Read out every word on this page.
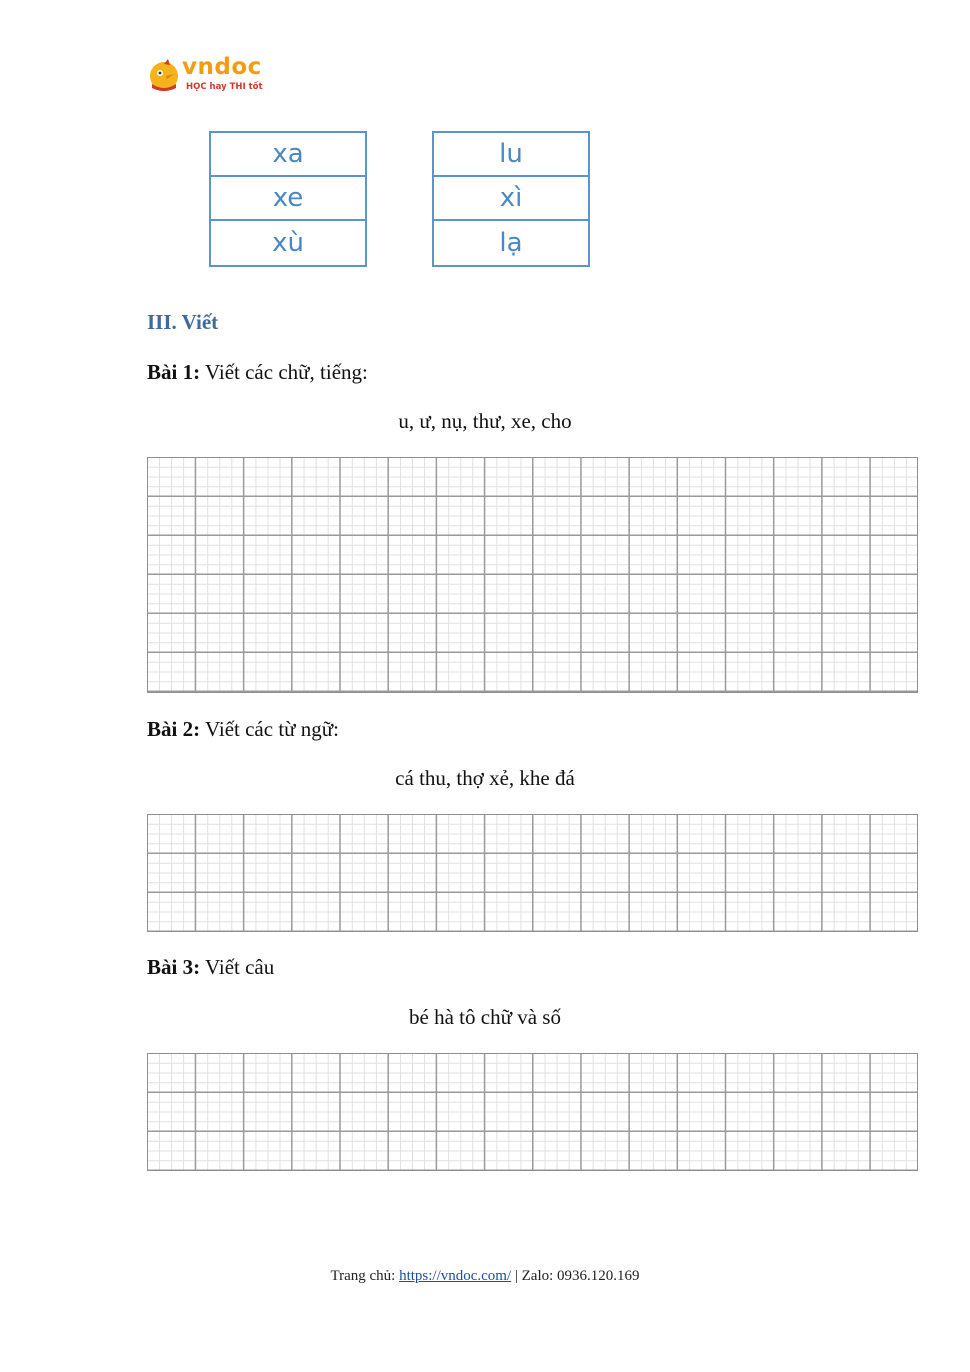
vndoc
HỌC hay THI tốt
xa
xe
xù
lu
xì
lạ
III. Viết
Bài 1: Viết các chữ, tiếng:
u, ư, nụ, thư, xe, cho
Bài 2: Viết các từ ngữ:
cá thu, thợ xẻ, khe đá
Bài 3: Viết câu
bé hà tô chữ và số
Trang chủ: https://vndoc.com/ | Zalo: 0936.120.169
